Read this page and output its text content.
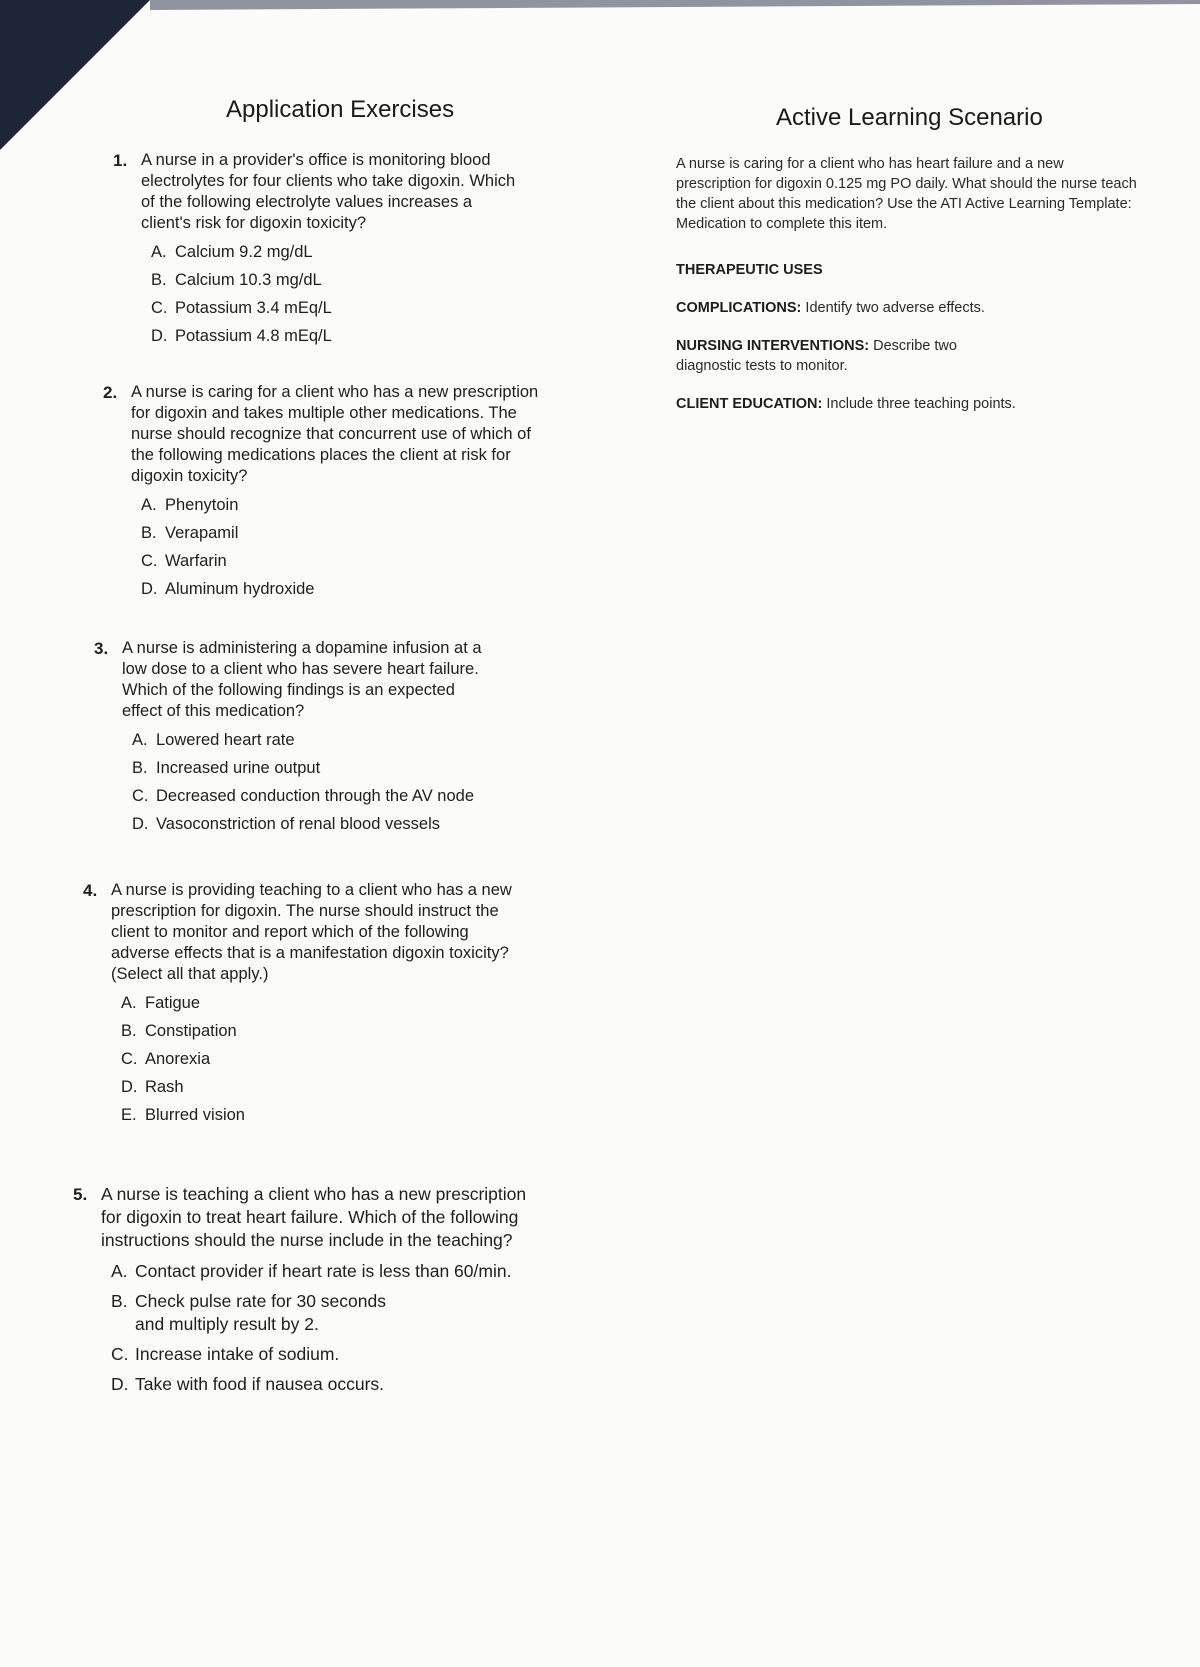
Application Exercises
1. A nurse in a provider's office is monitoring blood electrolytes for four clients who take digoxin. Which of the following electrolyte values increases a client's risk for digoxin toxicity?

A. Calcium 9.2 mg/dL
B. Calcium 10.3 mg/dL
C. Potassium 3.4 mEq/L
D. Potassium 4.8 mEq/L
2. A nurse is caring for a client who has a new prescription for digoxin and takes multiple other medications. The nurse should recognize that concurrent use of which of the following medications places the client at risk for digoxin toxicity?

A. Phenytoin
B. Verapamil
C. Warfarin
D. Aluminum hydroxide
3. A nurse is administering a dopamine infusion at a low dose to a client who has severe heart failure. Which of the following findings is an expected effect of this medication?

A. Lowered heart rate
B. Increased urine output
C. Decreased conduction through the AV node
D. Vasoconstriction of renal blood vessels
4. A nurse is providing teaching to a client who has a new prescription for digoxin. The nurse should instruct the client to monitor and report which of the following adverse effects that is a manifestation digoxin toxicity? (Select all that apply.)

A. Fatigue
B. Constipation
C. Anorexia
D. Rash
E. Blurred vision
5. A nurse is teaching a client who has a new prescription for digoxin to treat heart failure. Which of the following instructions should the nurse include in the teaching?

A. Contact provider if heart rate is less than 60/min.
B. Check pulse rate for 30 seconds and multiply result by 2.
C. Increase intake of sodium.
D. Take with food if nausea occurs.
Active Learning Scenario

A nurse is caring for a client who has heart failure and a new prescription for digoxin 0.125 mg PO daily. What should the nurse teach the client about this medication? Use the ATI Active Learning Template: Medication to complete this item.

THERAPEUTIC USES
COMPLICATIONS: Identify two adverse effects.
NURSING INTERVENTIONS: Describe two diagnostic tests to monitor.
CLIENT EDUCATION: Include three teaching points.
